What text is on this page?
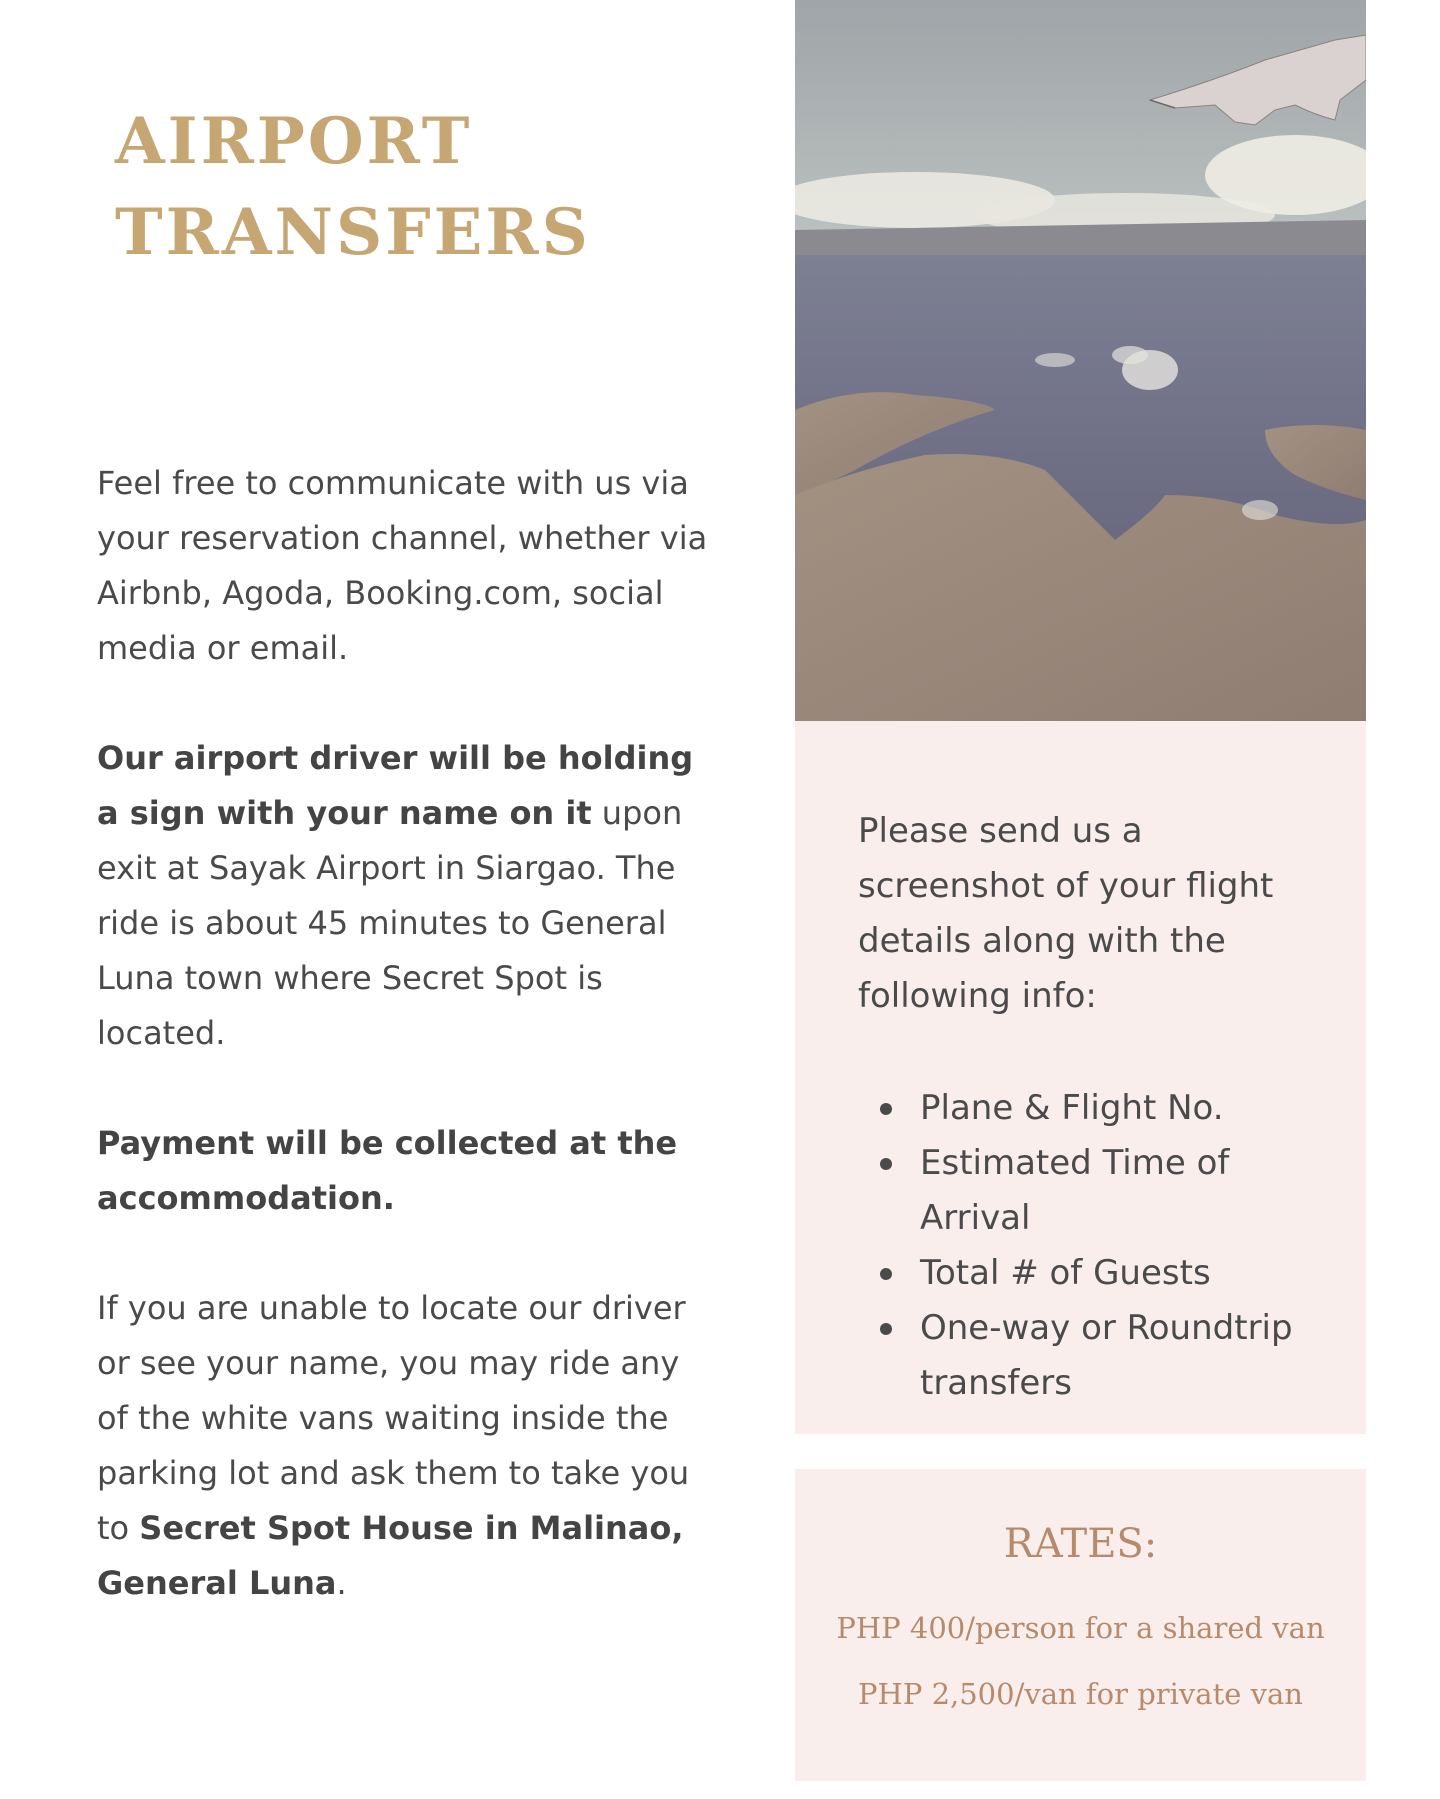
AIRPORT
TRANSFERS

Feel free to communicate with us via your reservation channel, whether via Airbnb, Agoda, Booking.com, social media or email.

Our airport driver will be holding a sign with your name on it upon exit at Sayak Airport in Siargao. The ride is about 45 minutes to General Luna town where Secret Spot is located.

Payment will be collected at the accommodation.

If you are unable to locate our driver or see your name, you may ride any of the white vans waiting inside the parking lot and ask them to take you to Secret Spot House in Malinao, General Luna.

Please send us a screenshot of your flight details along with the following info:

Plane & Flight No.
Estimated Time of Arrival
Total # of Guests
One-way or Roundtrip transfers

RATES:

PHP 400/person for a shared van

PHP 2,500/van for private van
